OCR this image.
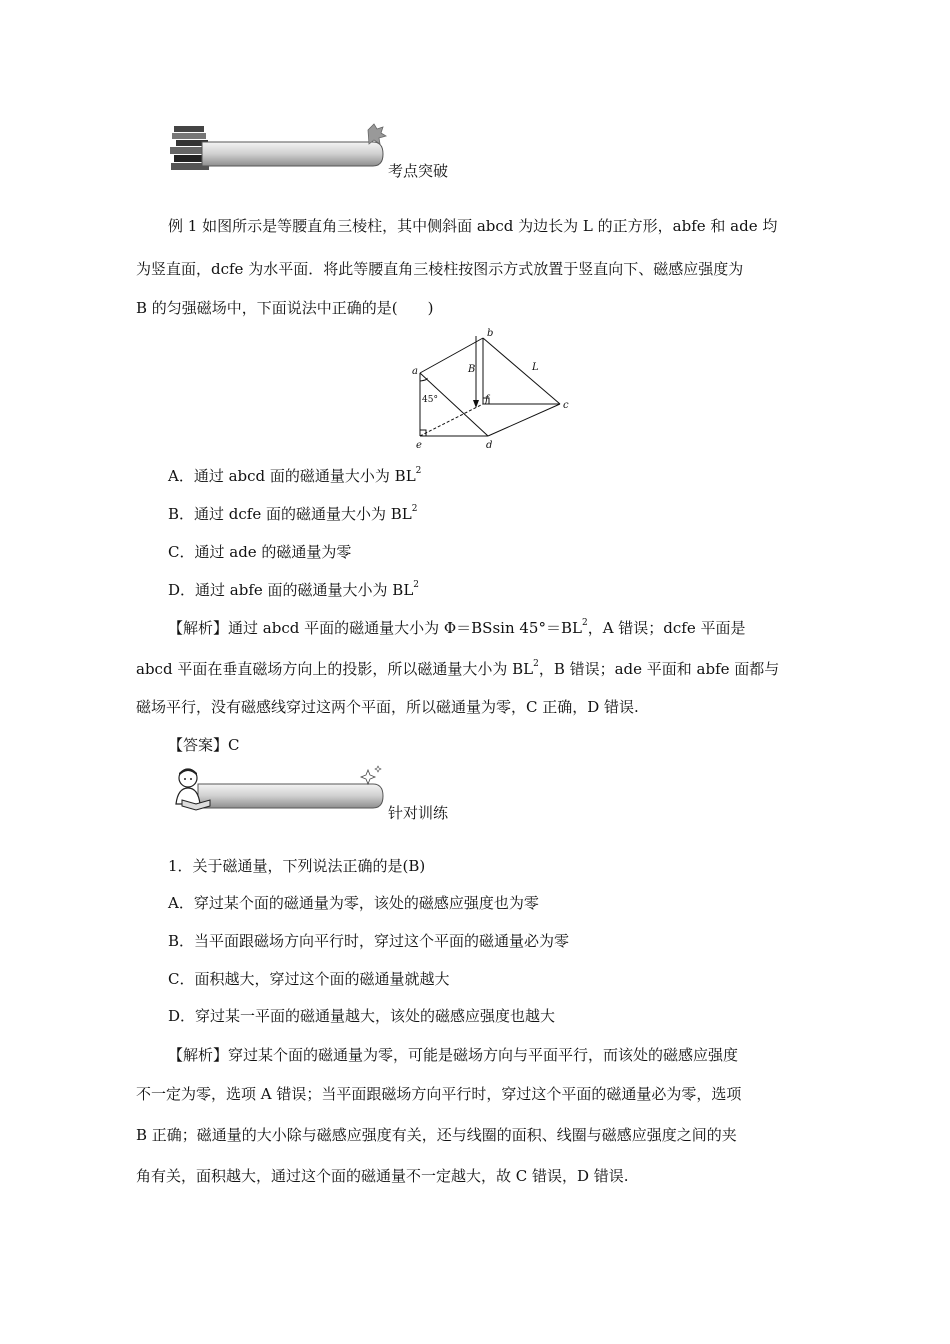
考点突破
例 1 如图所示是等腰直角三棱柱，其中侧斜面 abcd 为边长为 L 的正方形，abfe 和 ade 均
为竖直面，dcfe 为水平面．将此等腰直角三棱柱按图示方式放置于竖直向下、磁感应强度为
B 的匀强磁场中，下面说法中正确的是(　　)
a
b
c
d
e
f
B	L
45°
A．通过 abcd 面的磁通量大小为 $BL^2$
B．通过 dcfe 面的磁通量大小为 $BL^2$
C．通过 ade 的磁通量为零
D．通过 abfe 面的磁通量大小为 $BL^2$
【解析】通过 abcd 平面的磁通量大小为 Φ＝BSsin $45^\circ=BL^2$，A 错误；dcfe 平面是
abcd 平面在垂直磁场方向上的投影，所以磁通量大小为 $BL^2$，B 错误；ade 平面和 abfe 面都与
磁场平行，没有磁感线穿过这两个平面，所以磁通量为零，C 正确，D 错误.
【答案】C
针对训练
1．关于磁通量，下列说法正确的是(B)
A．穿过某个面的磁通量为零，该处的磁感应强度也为零
B．当平面跟磁场方向平行时，穿过这个平面的磁通量必为零
C．面积越大，穿过这个面的磁通量就越大
D．穿过某一平面的磁通量越大，该处的磁感应强度也越大
【解析】穿过某个面的磁通量为零，可能是磁场方向与平面平行，而该处的磁感应强度
不一定为零，选项 A 错误；当平面跟磁场方向平行时，穿过这个平面的磁通量必为零，选项
B 正确；磁通量的大小除与磁感应强度有关，还与线圈的面积、线圈与磁感应强度之间的夹
角有关，面积越大，通过这个面的磁通量不一定越大，故 C 错误，D 错误.
